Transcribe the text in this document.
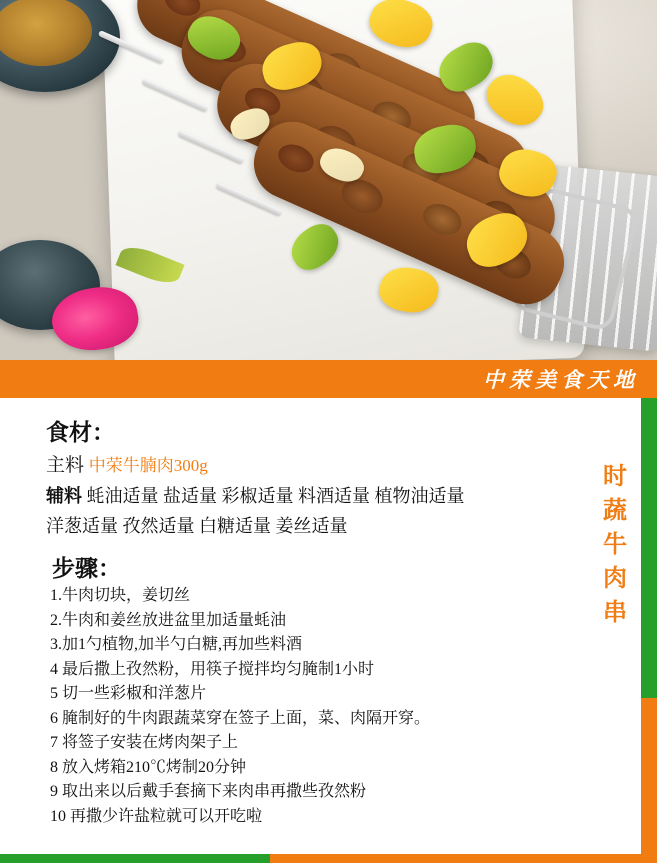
中荣美食天地
食材：
主料 中荣牛腩肉300g
辅料 蚝油适量 盐适量 彩椒适量 料酒适量 植物油适量
洋葱适量 孜然适量 白糖适量 姜丝适量
步骤：
1.牛肉切块，姜切丝
2.牛肉和姜丝放进盆里加适量蚝油
3.加1勺植物,加半勺白糖,再加些料酒
4 最后撒上孜然粉，用筷子搅拌均匀腌制1小时
5 切一些彩椒和洋葱片
6 腌制好的牛肉跟蔬菜穿在签子上面，菜、肉隔开穿。
7 将签子安装在烤肉架子上
8 放入烤箱210℃烤制20分钟
9 取出来以后戴手套摘下来肉串再撒些孜然粉
10 再撒少许盐粒就可以开吃啦
时
蔬
牛
肉
串
